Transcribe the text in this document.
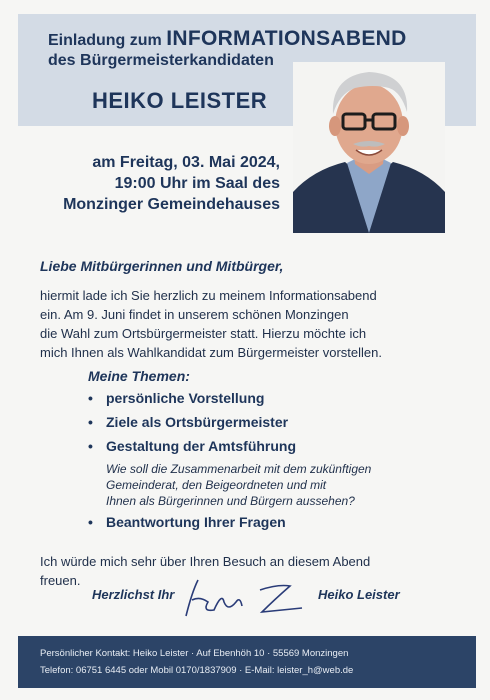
Einladung zum INFORMATIONSABEND
des Bürgermeisterkandidaten
HEIKO LEISTER
am Freitag, 03. Mai 2024,
19:00 Uhr im Saal des
Monzinger Gemeindehauses
Liebe Mitbürgerinnen und Mitbürger,
hiermit lade ich Sie herzlich zu meinem Informationsabend
ein. Am 9. Juni findet in unserem schönen Monzingen
die Wahl zum Ortsbürgermeister statt. Hierzu möchte ich
mich Ihnen als Wahlkandidat zum Bürgermeister vorstellen.
Meine Themen:
• persönliche Vorstellung
• Ziele als Ortsbürgermeister
• Gestaltung der Amtsführung
Wie soll die Zusammenarbeit mit dem zukünftigen
Gemeinderat, den Beigeordneten und mit
Ihnen als Bürgerinnen und Bürgern aussehen?
• Beantwortung Ihrer Fragen
Ich würde mich sehr über Ihren Besuch an diesem Abend
freuen.
Herzlichst Ihr	Heiko Leister
Persönlicher Kontakt: Heiko Leister · Auf Ebenhöh 10 · 55569 Monzingen
Telefon: 06751 6445 oder Mobil 0170/1837909 · E-Mail: leister_h@web.de
